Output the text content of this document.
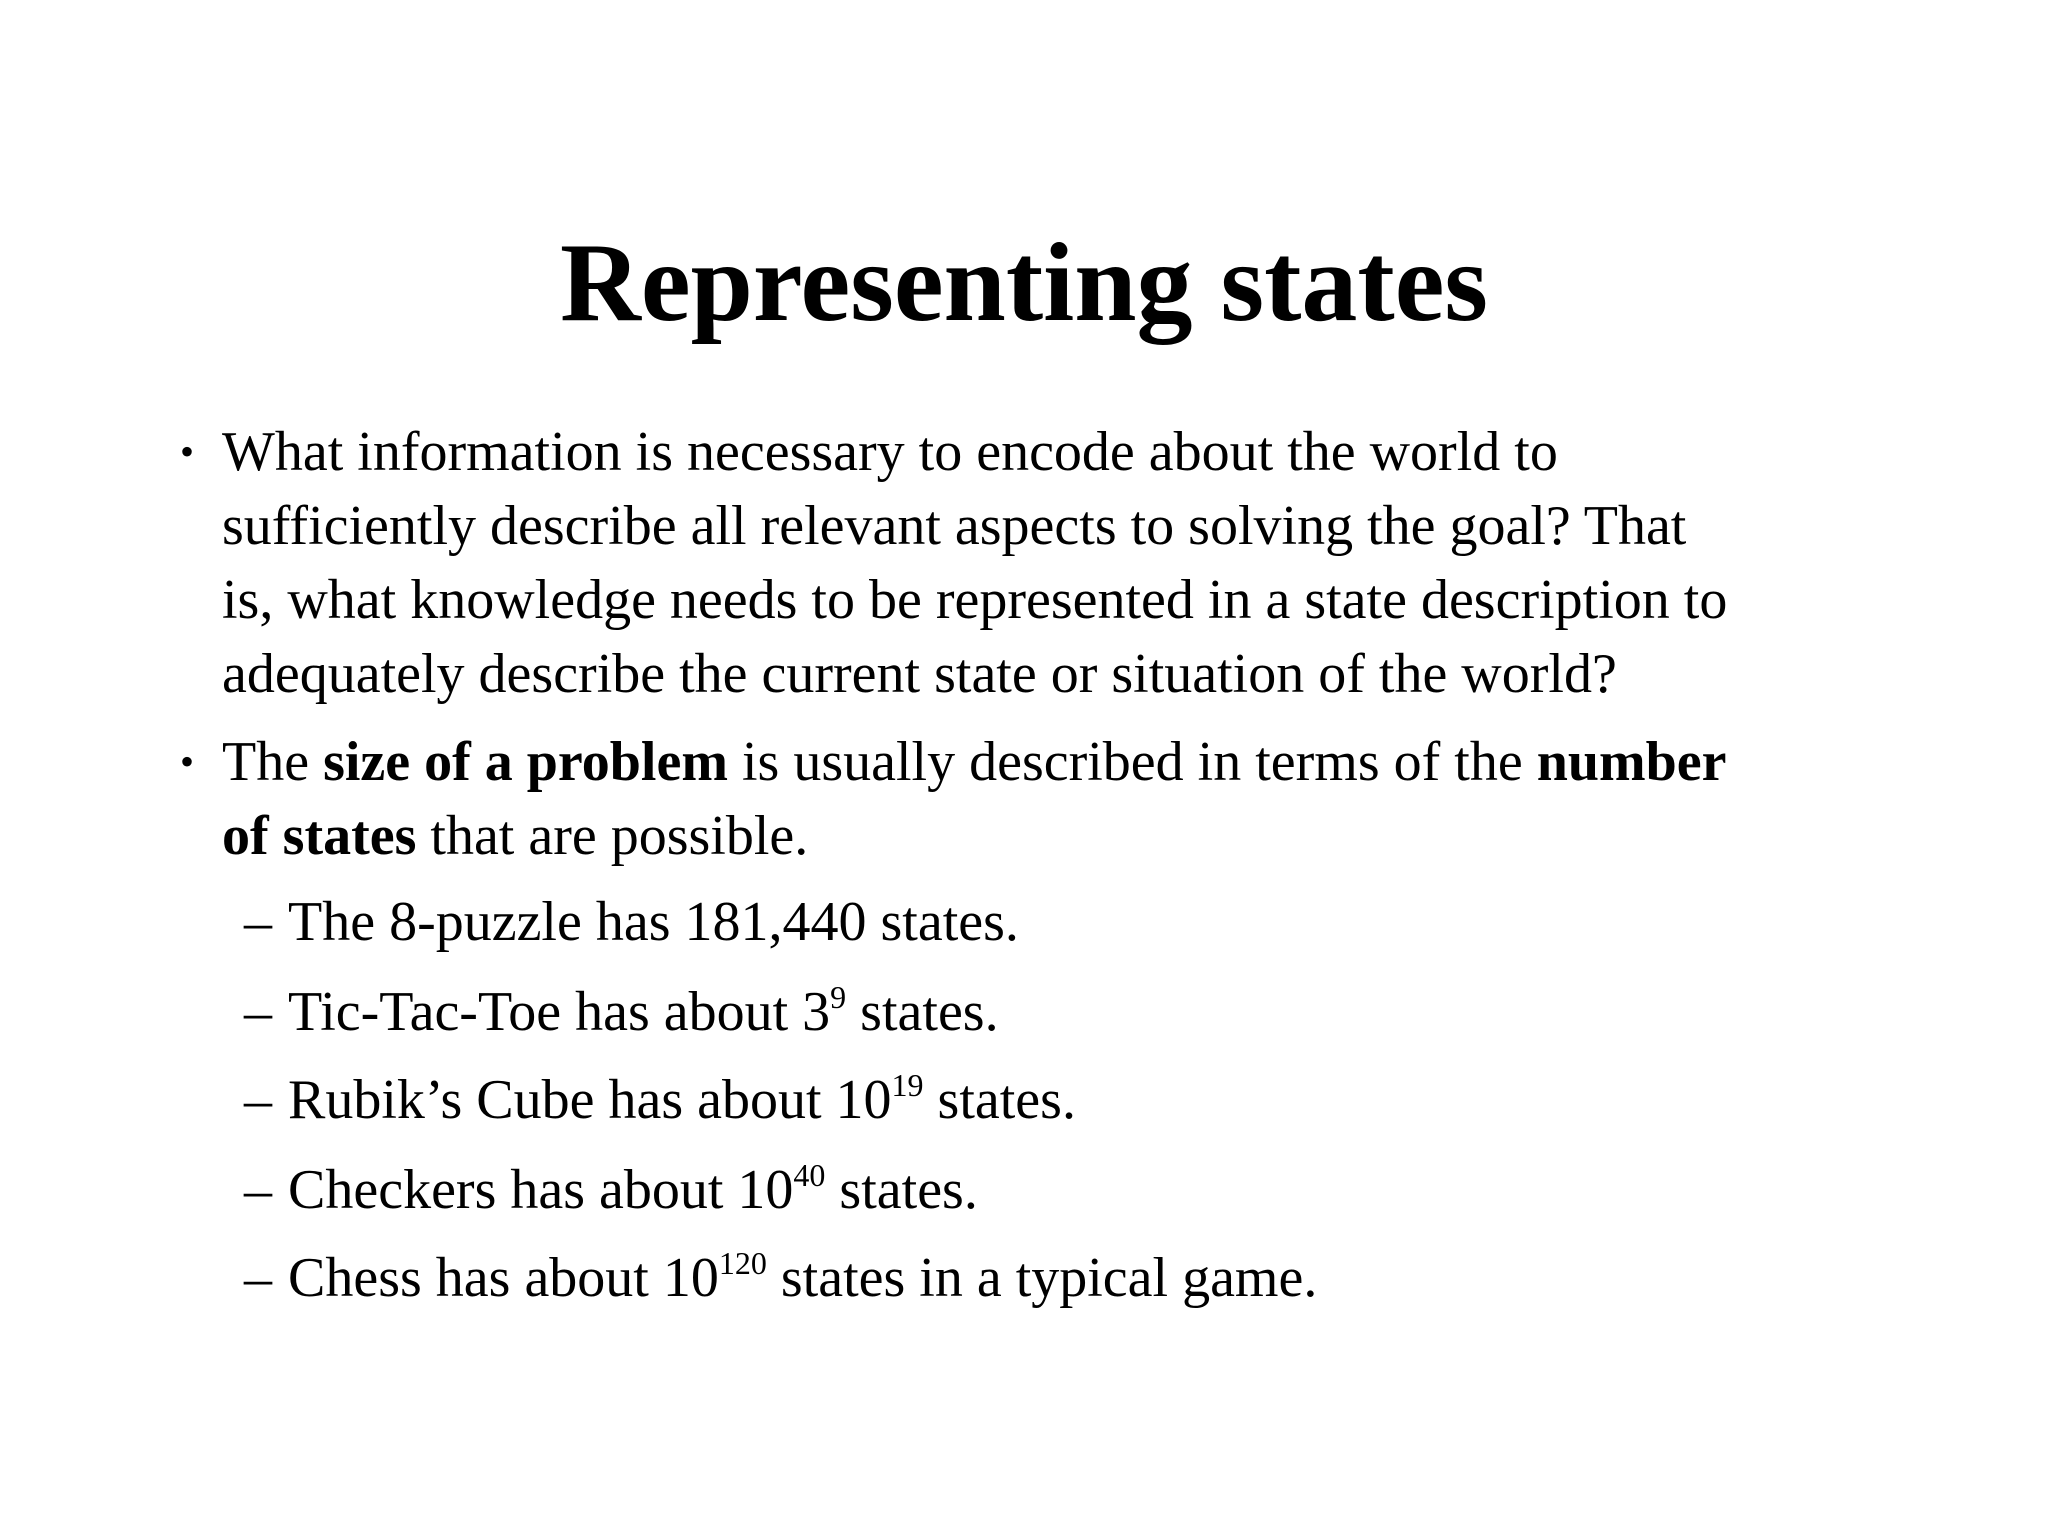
Representing states
• What information is necessary to encode about the world to
sufficiently describe all relevant aspects to solving the goal? That
is, what knowledge needs to be represented in a state description to
adequately describe the current state or situation of the world?
• The size of a problem is usually described in terms of the number
of states that are possible.
– The 8-puzzle has 181,440 states.
– Tic-Tac-Toe has about $3^9$ states.
– Rubik’s Cube has about $10^{19}$ states.
– Checkers has about $10^{40}$ states.
– Chess has about $10^{120}$ states in a typical game.
